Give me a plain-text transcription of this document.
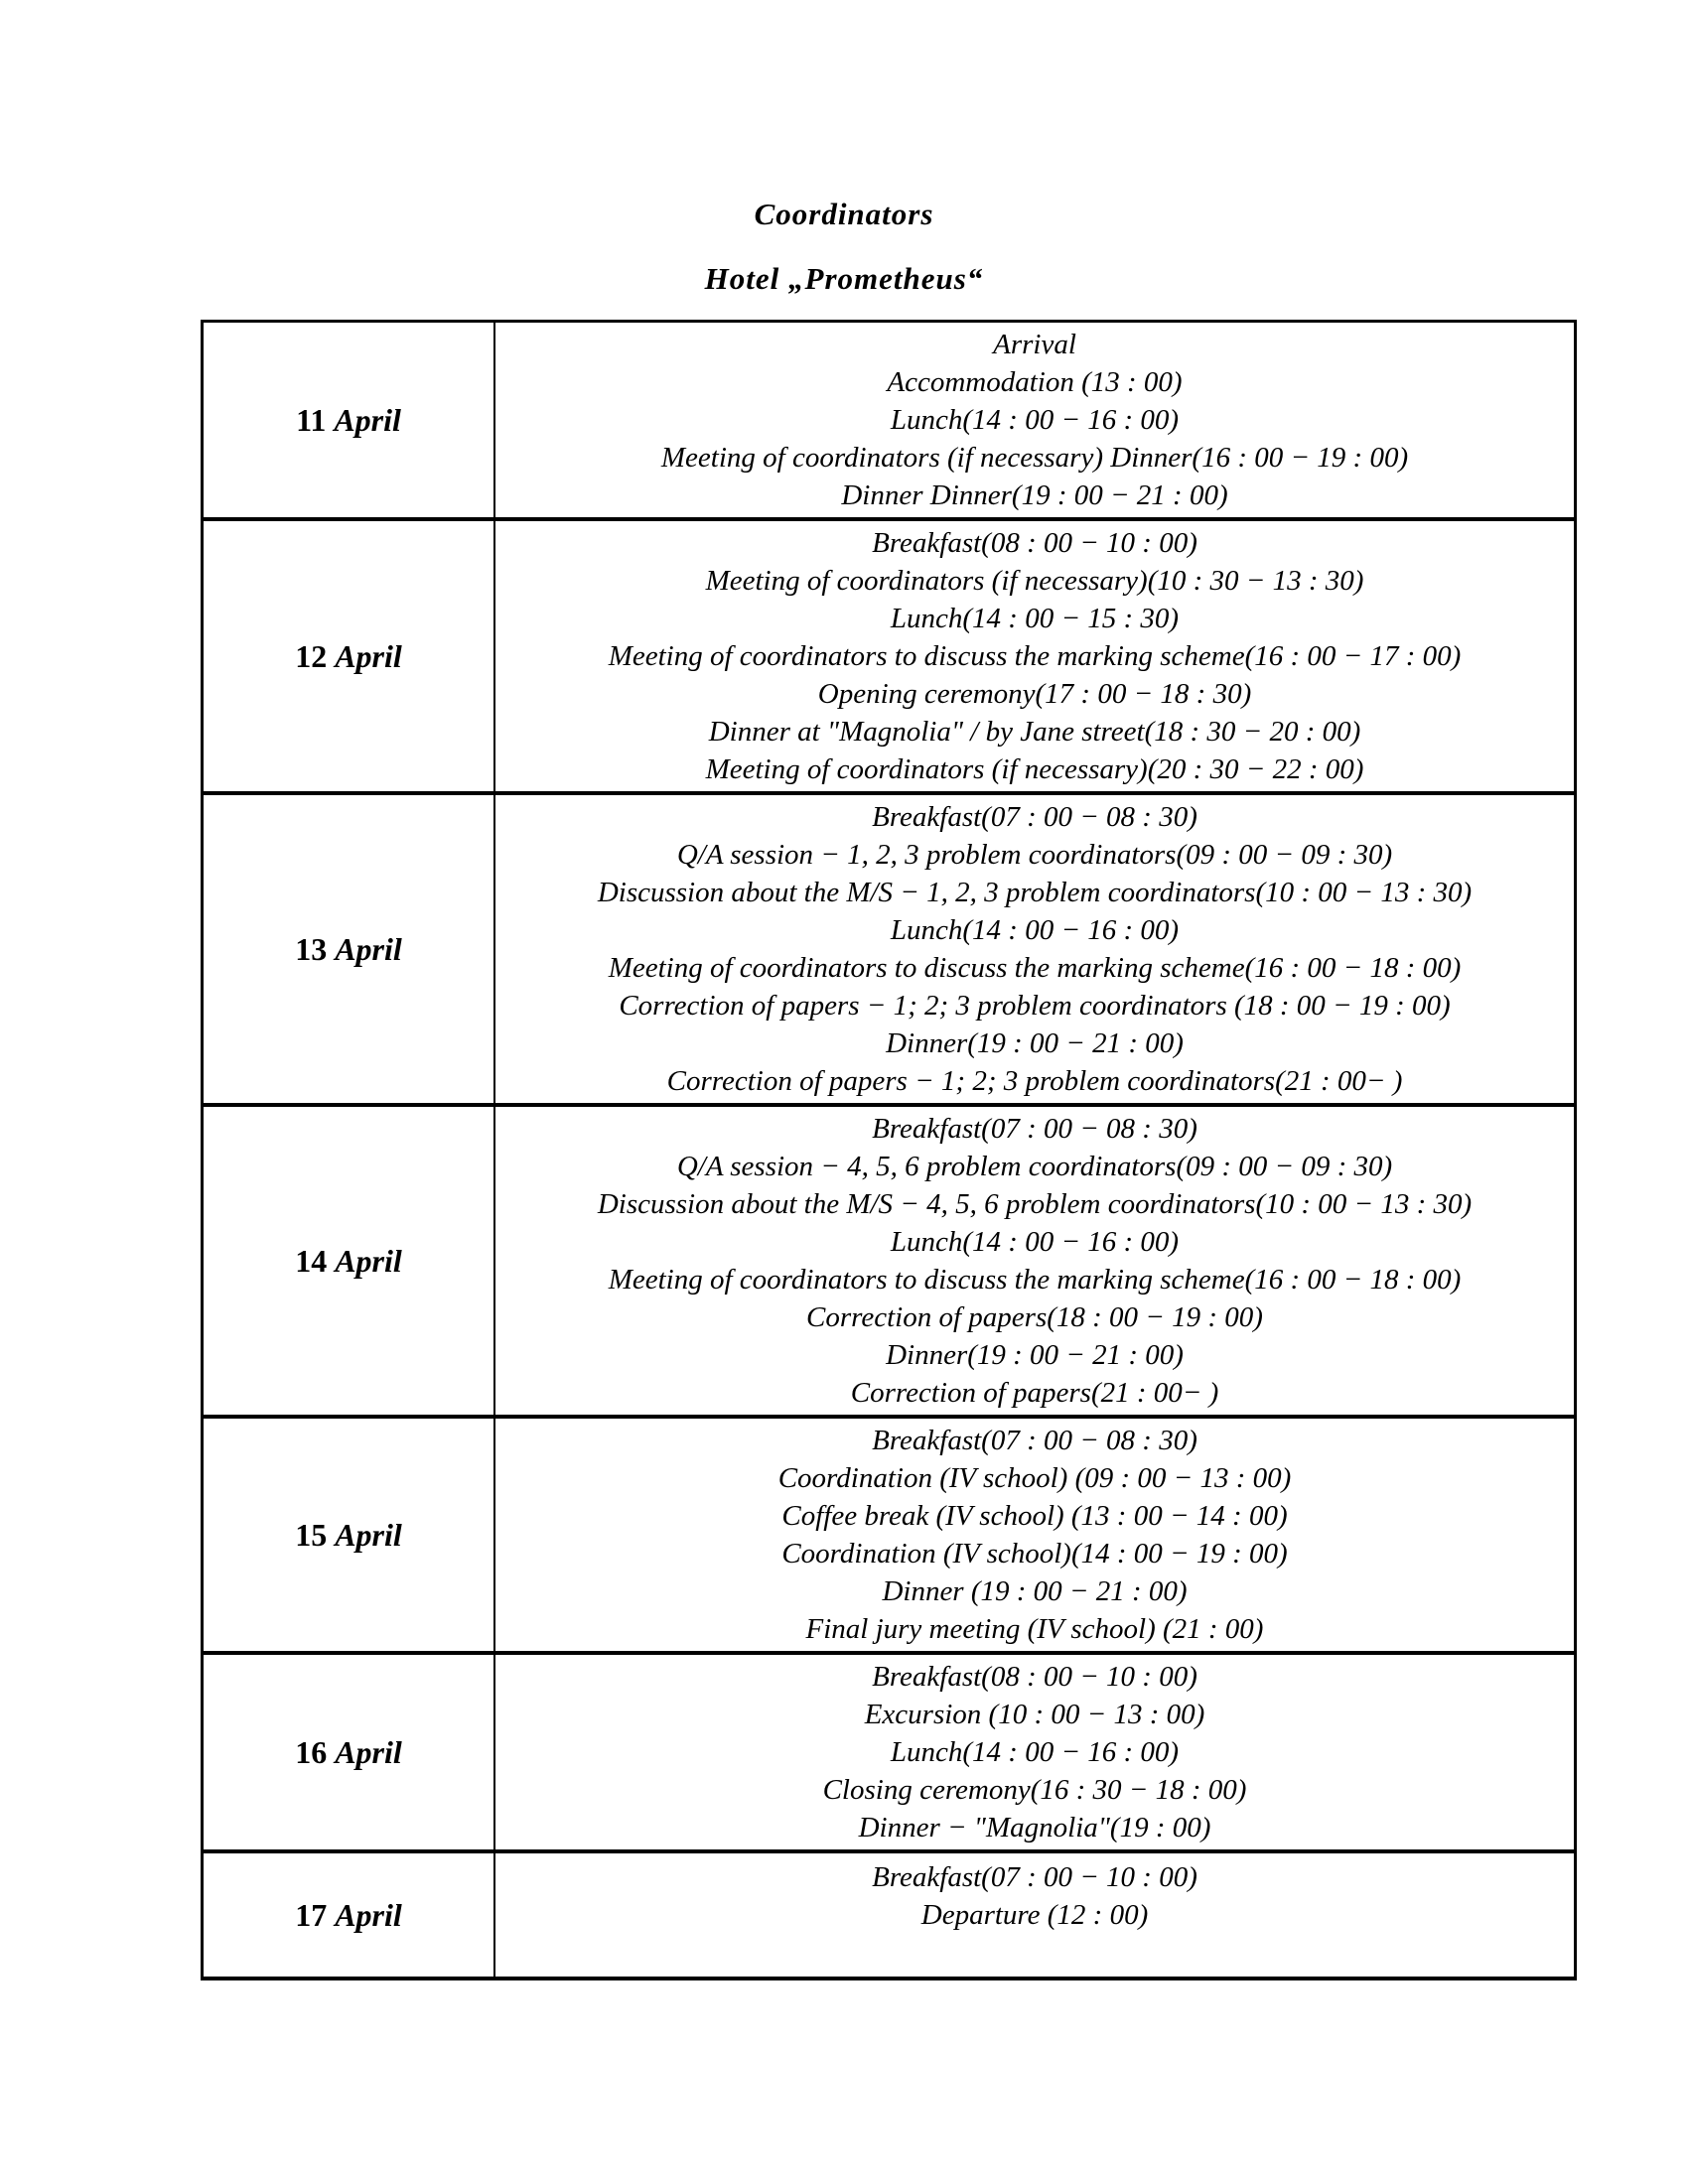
Coordinators
Hotel „Prometheus“
11 April	Arrival
Accommodation (13 : 00)
Lunch(14 : 00 − 16 : 00)
Meeting of coordinators (if necessary) Dinner(16 : 00 − 19 : 00)
Dinner Dinner(19 : 00 − 21 : 00)

12 April	
Breakfast(08 : 00 − 10 : 00)
Meeting of coordinators (if necessary)(10 : 30 − 13 : 30)
Lunch(14 : 00 − 15 : 30)
Meeting of coordinators to discuss the marking scheme(16 : 00 − 17 : 00)
Opening ceremony(17 : 00 − 18 : 30)
Dinner at "Magnolia" / by Jane street(18 : 30 − 20 : 00)
Meeting of coordinators (if necessary)(20 : 30 − 22 : 00)

13 April	
Breakfast(07 : 00 − 08 : 30)
Q/A session − 1, 2, 3 problem coordinators(09 : 00 − 09 : 30)
Discussion about the M/S − 1, 2, 3 problem coordinators(10 : 00 − 13 : 30)
Lunch(14 : 00 − 16 : 00)
Meeting of coordinators to discuss the marking scheme(16 : 00 − 18 : 00)
Correction of papers − 1; 2; 3 problem coordinators (18 : 00 − 19 : 00)
Dinner(19 : 00 − 21 : 00)
Correction of papers − 1; 2; 3 problem coordinators(21 : 00− )

14 April	
Breakfast(07 : 00 − 08 : 30)
Q/A session − 4, 5, 6 problem coordinators(09 : 00 − 09 : 30)
Discussion about the M/S − 4, 5, 6 problem coordinators(10 : 00 − 13 : 30)
Lunch(14 : 00 − 16 : 00)
Meeting of coordinators to discuss the marking scheme(16 : 00 − 18 : 00)
Correction of papers(18 : 00 − 19 : 00)
Dinner(19 : 00 − 21 : 00)
Correction of papers(21 : 00− )

15 April	
Breakfast(07 : 00 − 08 : 30)
Coordination (IV school) (09 : 00 − 13 : 00)
Coffee break (IV school) (13 : 00 − 14 : 00)
Coordination (IV school)(14 : 00 − 19 : 00)
Dinner (19 : 00 − 21 : 00)
Final jury meeting (IV school) (21 : 00)

16 April	Breakfast(08 : 00 − 10 : 00)
Excursion (10 : 00 − 13 : 00)
Lunch(14 : 00 − 16 : 00)
Closing ceremony(16 : 30 − 18 : 00)
Dinner − "Magnolia"(19 : 00)

17 April	Breakfast(07 : 00 − 10 : 00)
Departure (12 : 00)
